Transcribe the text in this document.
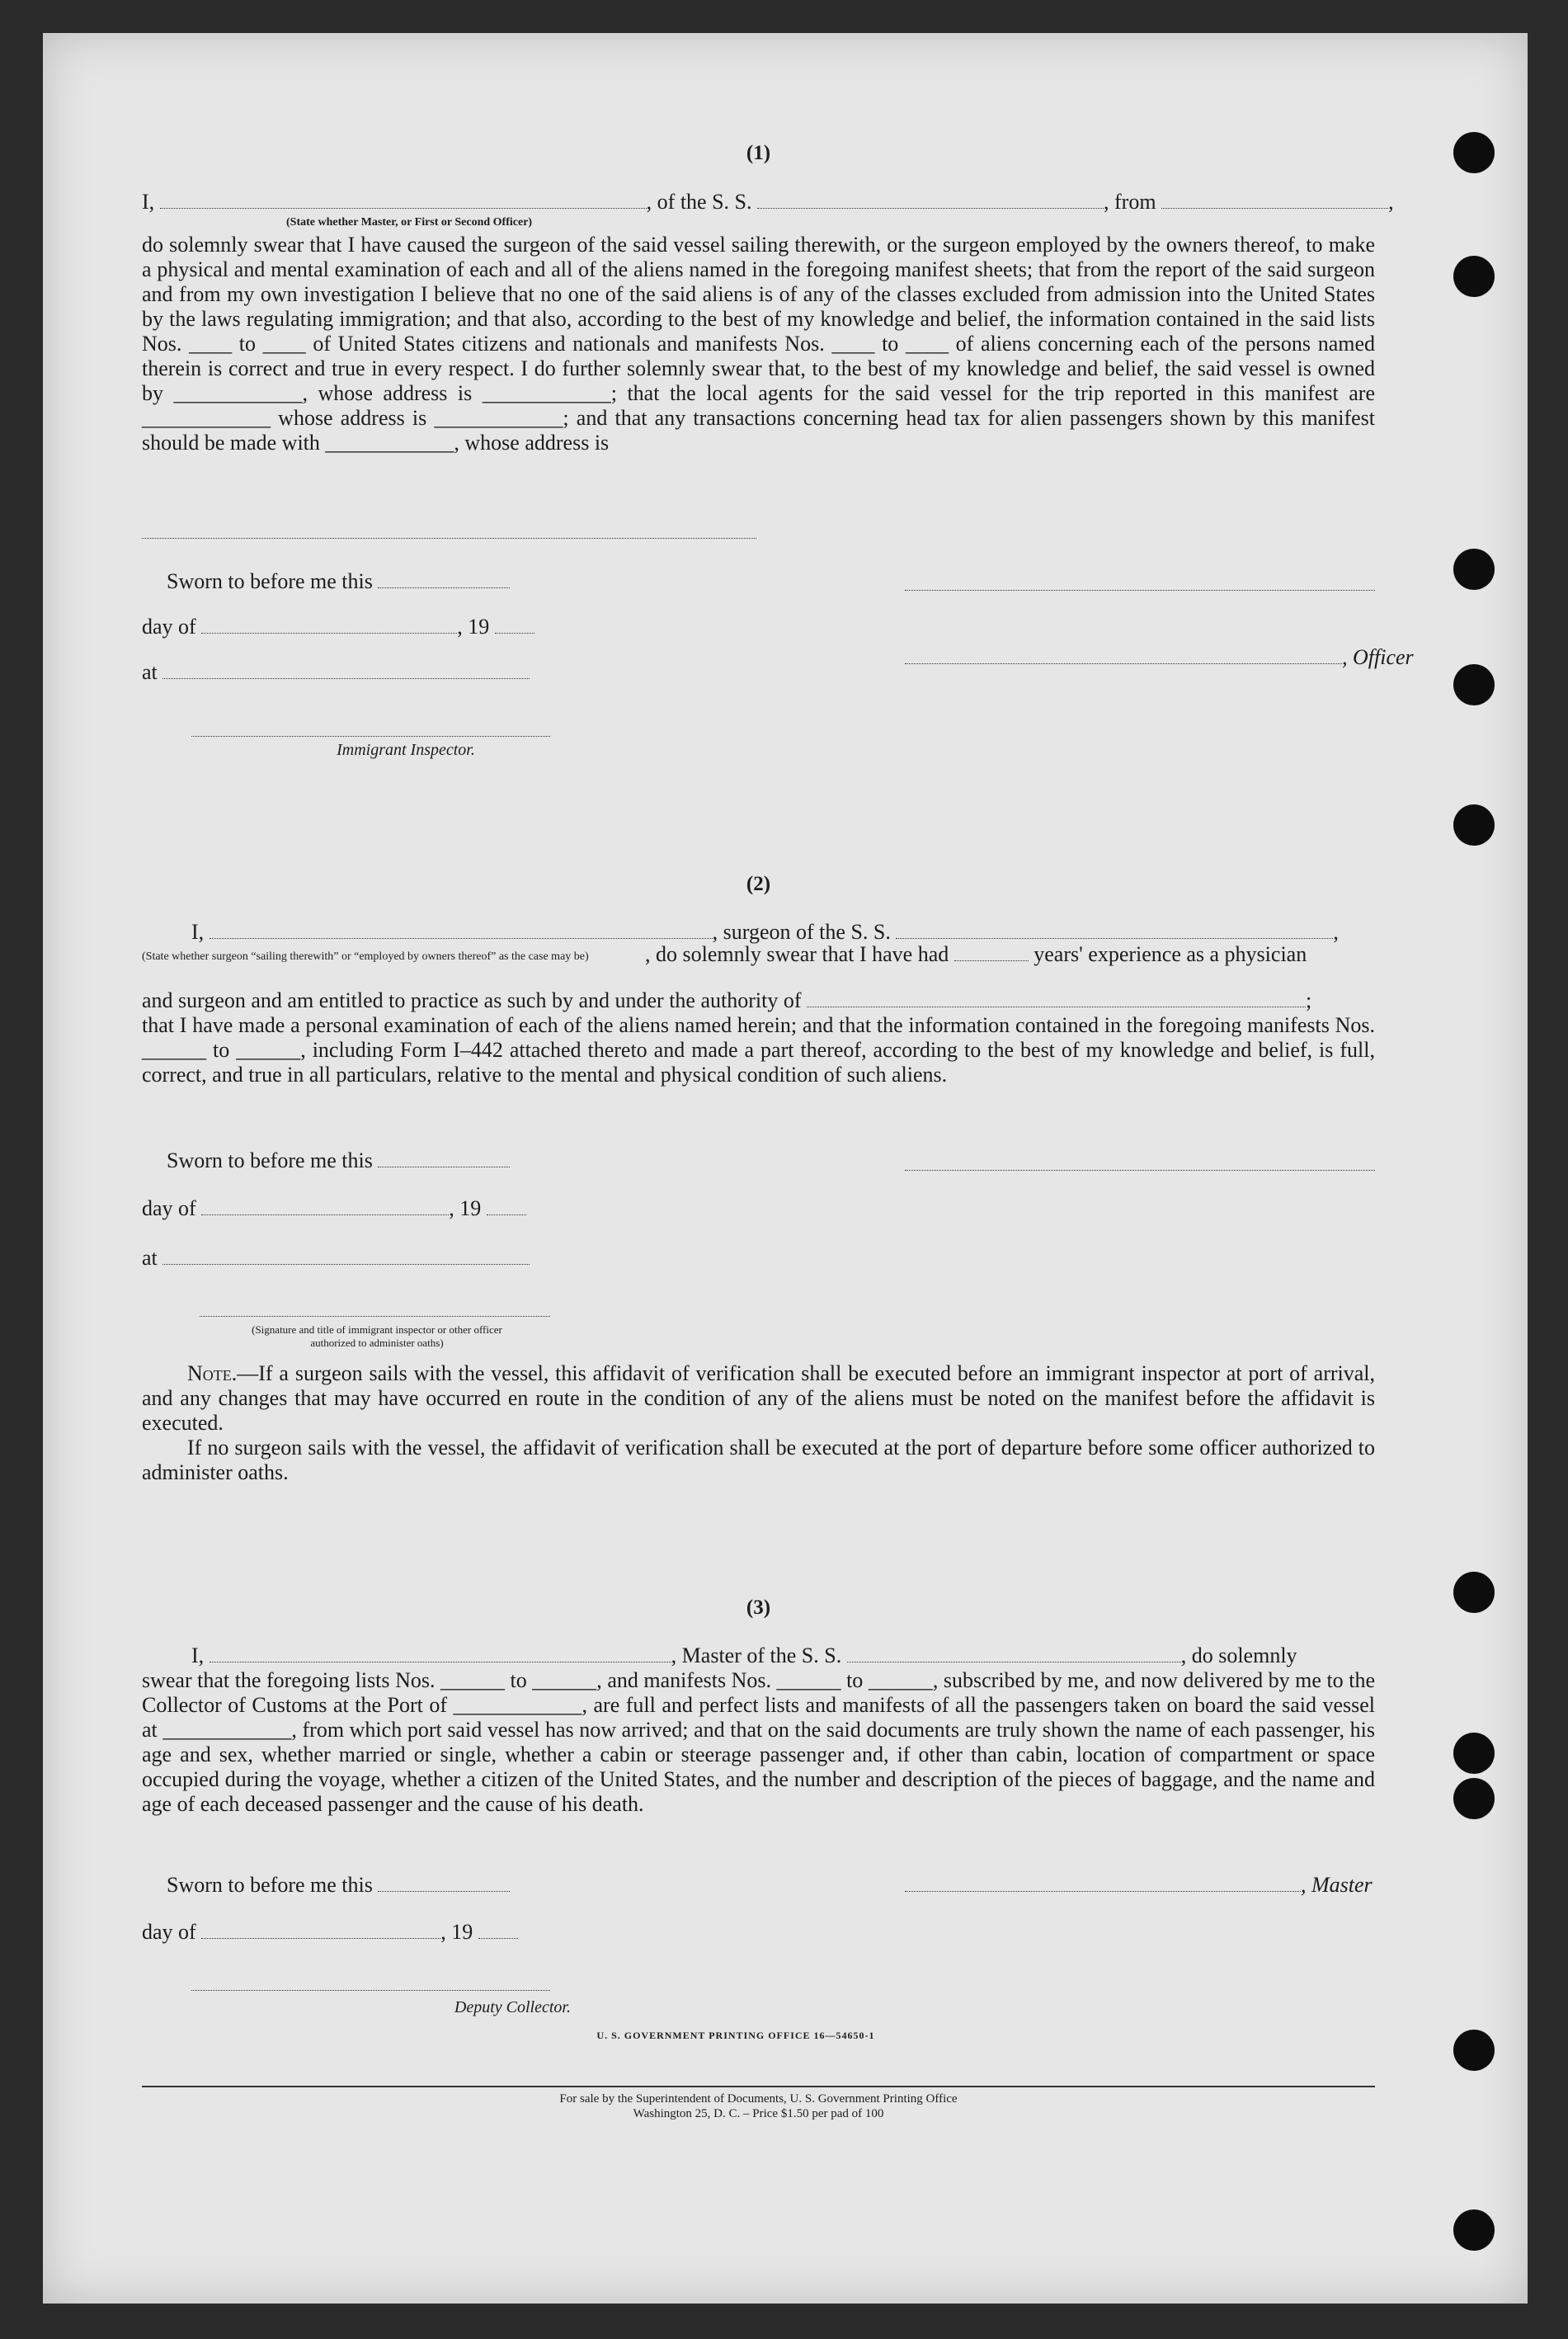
(1)
I,	, of the S. S.	, from	,
(State whether Master, or First or Second Officer)
do solemnly swear that I have caused the surgeon of the said vessel sailing therewith, or the surgeon employed by the owners thereof, to make a physical and mental examination of each and all of the aliens named in the foregoing manifest sheets; that from the report of the said surgeon and from my own investigation I believe that no one of the said aliens is of any of the classes excluded from admission into the United States by the laws regulating immigration; and that also, according to the best of my knowledge and belief, the information contained in the said lists Nos. ____ to ____ of United States citizens and nationals and manifests Nos. ____ to ____ of aliens concerning each of the persons named therein is correct and true in every respect. I do further solemnly swear that, to the best of my knowledge and belief, the said vessel is owned by ____________, whose address is ____________; that the local agents for the said vessel for the trip reported in this manifest are ____________ whose address is ____________; and that any transactions concerning head tax for alien passengers shown by this manifest should be made with ____________, whose address is
Sworn to before me this
day of	, 19
, Officer
at
Immigrant Inspector.
(2)
I,	, surgeon of the S. S.	,
(State whether surgeon “sailing therewith” or “employed by owners thereof” as the case may be)	, do solemnly swear that I have had	years' experience as a physician
and surgeon and am entitled to practice as such by and under the authority of	;
that I have made a personal examination of each of the aliens named herein; and that the information contained in the foregoing manifests Nos. ______ to ______, including Form I–442 attached thereto and made a part thereof, according to the best of my knowledge and belief, is full, correct, and true in all particulars, relative to the mental and physical condition of such aliens.
Sworn to before me this
day of	, 19
at
(Signature and title of immigrant inspector or other officer authorized to administer oaths)
Note.—If a surgeon sails with the vessel, this affidavit of verification shall be executed before an immigrant inspector at port of arrival, and any changes that may have occurred en route in the condition of any of the aliens must be noted on the manifest before the affidavit is executed.
If no surgeon sails with the vessel, the affidavit of verification shall be executed at the port of departure before some officer authorized to administer oaths.
(3)
I,	, Master of the S. S.	, do solemnly
swear that the foregoing lists Nos. ______ to ______, and manifests Nos. ______ to ______, subscribed by me, and now delivered by me to the Collector of Customs at the Port of ____________, are full and perfect lists and manifests of all the passengers taken on board the said vessel at ____________, from which port said vessel has now arrived; and that on the said documents are truly shown the name of each passenger, his age and sex, whether married or single, whether a cabin or steerage passenger and, if other than cabin, location of compartment or space occupied during the voyage, whether a citizen of the United States, and the number and description of the pieces of baggage, and the name and age of each deceased passenger and the cause of his death.
Sworn to before me this	, Master
day of	, 19
Deputy Collector.
U. S. GOVERNMENT PRINTING OFFICE 16—54650-1
For sale by the Superintendent of Documents, U. S. Government Printing Office
Washington 25, D. C. – Price $1.50 per pad of 100
